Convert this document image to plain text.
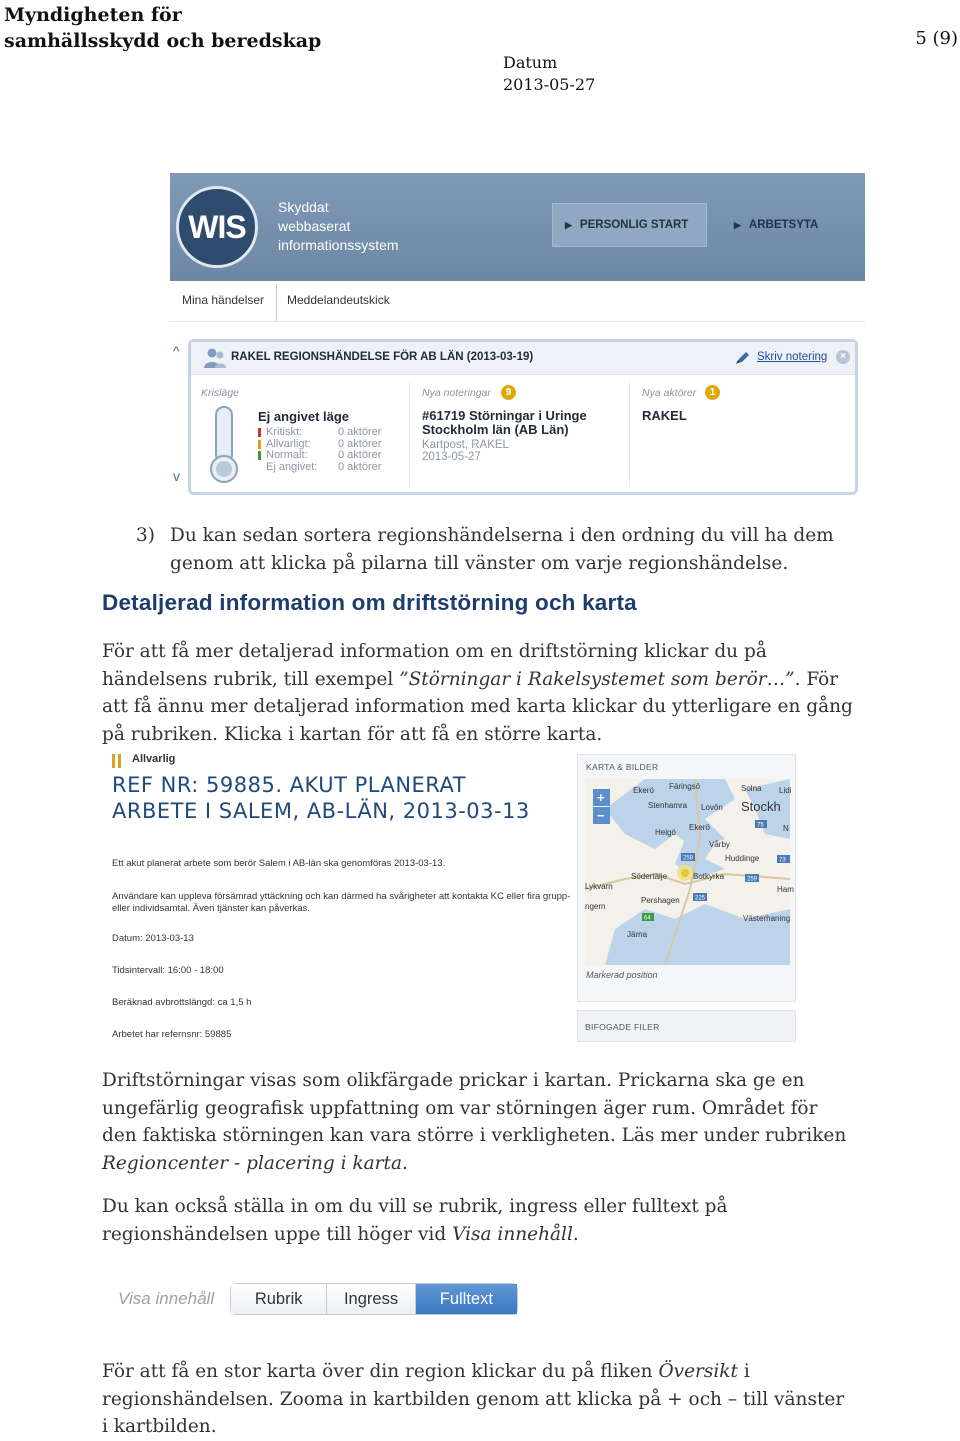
Myndigheten för
samhällsskydd och beredskap	5 (9)
Datum
2013-05-27
WIS
Skyddat
webbaserat
informationssystem
▶ PERSONLIG START	▶ ARBETSYTA
Mina händelser Meddelandeutskick
^
v
RAKEL REGIONSHÄNDELSE FÖR AB LÄN (2013-03-19)	Skriv notering	×
Krisläge
Ej angivet läge
Kritiskt:	0 aktörer
Allvarligt: 0 aktörer
Normalt:	0 aktörer
Ej angivet: 0 aktörer
Nya noteringar	9
#61719 Störningar i Uringe
Stockholm län (AB Län)
Kartpost, RAKEL
2013-05-27
Nya aktörer	1
RAKEL
3) Du kan sedan sortera regionshändelserna i den ordning du vill ha dem
genom att klicka på pilarna till vänster om varje regionshändelse.
Detaljerad information om driftstörning och karta
För att få mer detaljerad information om en driftstörning klickar du på
händelsens rubrik, till exempel ”Störningar i Rakelsystemet som berör…”. För
att få ännu mer detaljerad information med karta klickar du ytterligare en gång
på rubriken. Klicka i kartan för att få en större karta.
Allvarlig
REF NR: 59885. AKUT PLANERAT
ARBETE I SALEM, AB-LÄN, 2013-03-13
Ett akut planerat arbete som berör Salem i AB-län ska genomföras 2013-03-13.
Användare kan uppleva försämrad yttäckning och kan därmed ha svårigheter att kontakta KC eller fira grupp-
eller individsamtal. Även tjänster kan påverkas.
Datum: 2013-03-13
Tidsintervall: 16:00 - 18:00
Beräknad avbrottslängd: ca 1,5 h
Arbetet har refernsnr: 59885
KARTA & BILDER
Ekerö Färingsö
Stenhamra Lovön
Solna Lidi
Stockh
Helgö
Ekerö
Vårby
Huddinge
Södertälje	Botkyrka
Lykvarn
Pershagen
Järna
Västerhaning
Ham
N
ngern
75
258	73
259
225
64
+
−
Markerad position
BIFOGADE FILER
Driftstörningar visas som olikfärgade prickar i kartan. Prickarna ska ge en
ungefärlig geografisk uppfattning om var störningen äger rum. Området för
den faktiska störningen kan vara större i verkligheten. Läs mer under rubriken
Regioncenter - placering i karta.
Du kan också ställa in om du vill se rubrik, ingress eller fulltext på
regionshändelsen uppe till höger vid Visa innehåll.
Visa innehåll	Rubrik	Ingress	Fulltext
För att få en stor karta över din region klickar du på fliken Översikt i
regionshändelsen. Zooma in kartbilden genom att klicka på + och – till vänster
i kartbilden.
